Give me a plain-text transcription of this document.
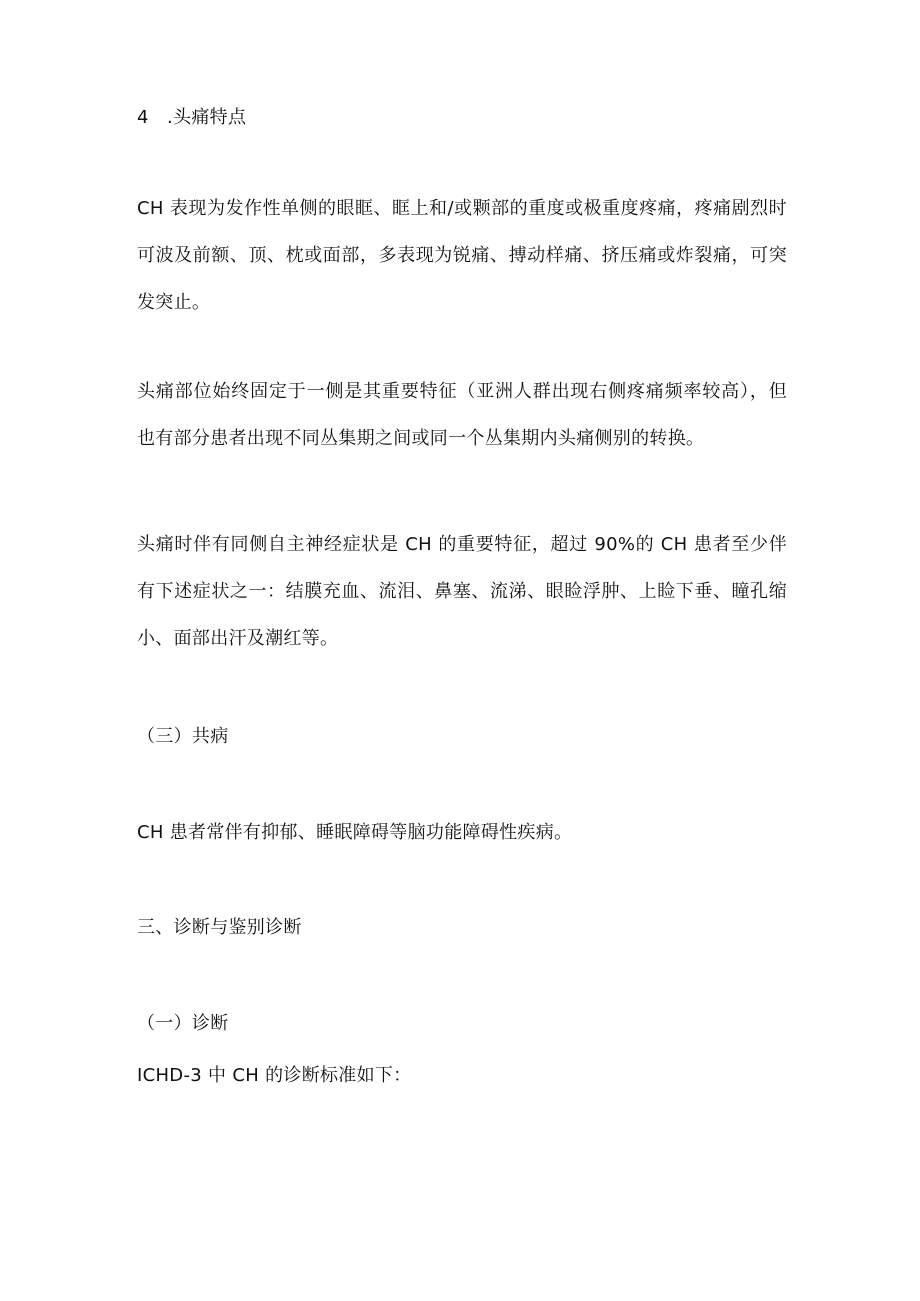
4　.头痛特点

CH 表现为发作性单侧的眼眶、眶上和/或颗部的重度或极重度疼痛，疼痛剧烈时
可波及前额、顶、枕或面部，多表现为锐痛、搏动样痛、挤压痛或炸裂痛，可突
发突止。

头痛部位始终固定于一侧是其重要特征（亚洲人群出现右侧疼痛频率较高），但
也有部分患者出现不同丛集期之间或同一个丛集期内头痛侧别的转换。

头痛时伴有同侧自主神经症状是 CH 的重要特征，超过 90%的 CH 患者至少伴
有下述症状之一：结膜充血、流泪、鼻塞、流涕、眼睑浮肿、上睑下垂、瞳孔缩
小、面部出汗及潮红等。

（三）共病

CH 患者常伴有抑郁、睡眠障碍等脑功能障碍性疾病。

三、诊断与鉴别诊断

（一）诊断

ICHD-3 中 CH 的诊断标准如下：
